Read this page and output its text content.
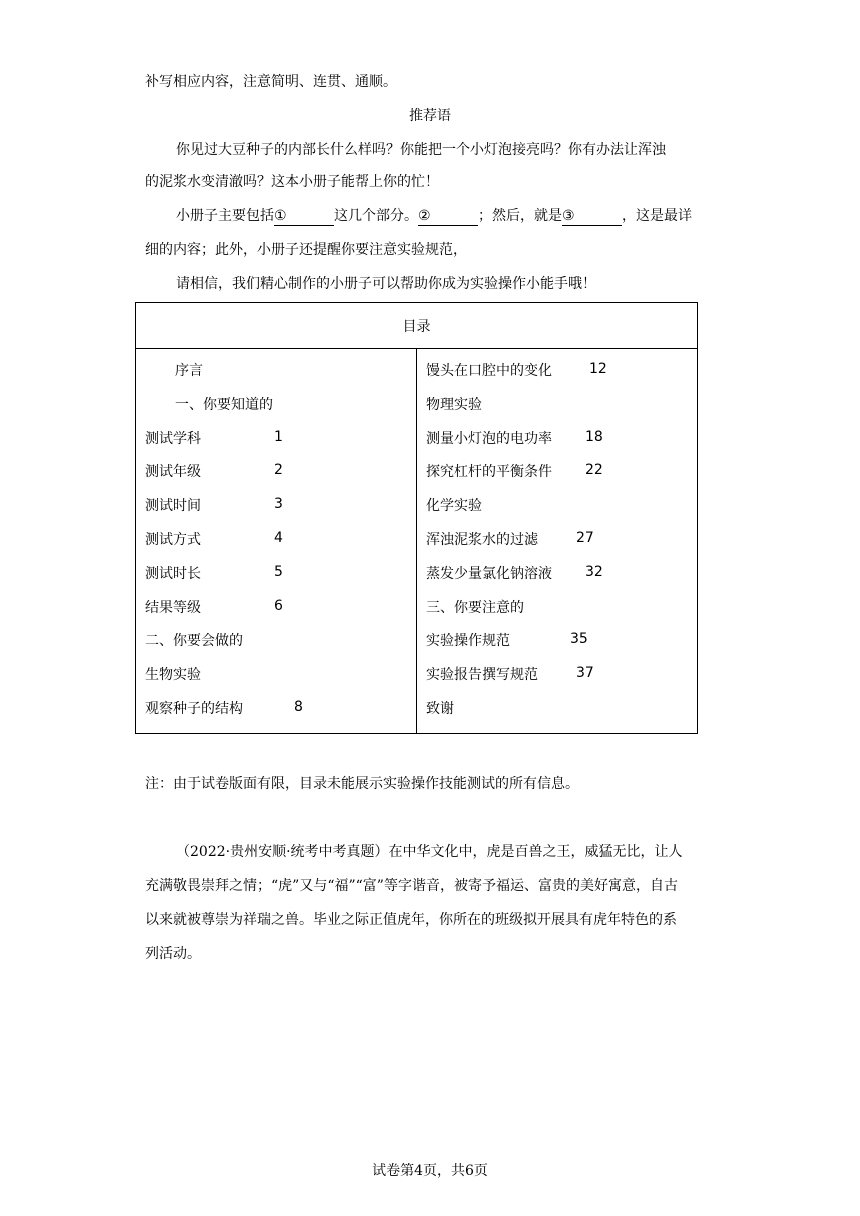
补写相应内容，注意简明、连贯、通顺。
推荐语
你见过大豆种子的内部长什么样吗？你能把一个小灯泡接亮吗？你有办法让浑浊
的泥浆水变清澈吗？这本小册子能帮上你的忙！
小册子主要包括①	这几个部分。②	；然后，就是③	，这是最详
细的内容；此外，小册子还提醒你要注意实验规范，
请相信，我们精心制作的小册子可以帮助你成为实验操作小能手哦！
目录

序言
一、你要知道的
测试学科	1
测试年级	2
测试时间	3
测试方式	4
测试时长	5
结果等级	6
二、你要会做的
生物实验
观察种子的结构	8

馒头在口腔中的变化	12
物理实验
测量小灯泡的电功率 18
探究杠杆的平衡条件 22
化学实验
浑浊泥浆水的过滤	27
蒸发少量氯化钠溶液 32
三、你要注意的
实验操作规范	35
实验报告撰写规范	37
致谢
注：由于试卷版面有限，目录未能展示实验操作技能测试的所有信息。
（2022·贵州安顺·统考中考真题）在中华文化中，虎是百兽之王，威猛无比，让人
充满敬畏崇拜之情；“虎”又与“福”“富”等字谐音，被寄予福运、富贵的美好寓意，自古
以来就被尊崇为祥瑞之兽。毕业之际正值虎年，你所在的班级拟开展具有虎年特色的系
列活动。
试卷第4页，共6页
